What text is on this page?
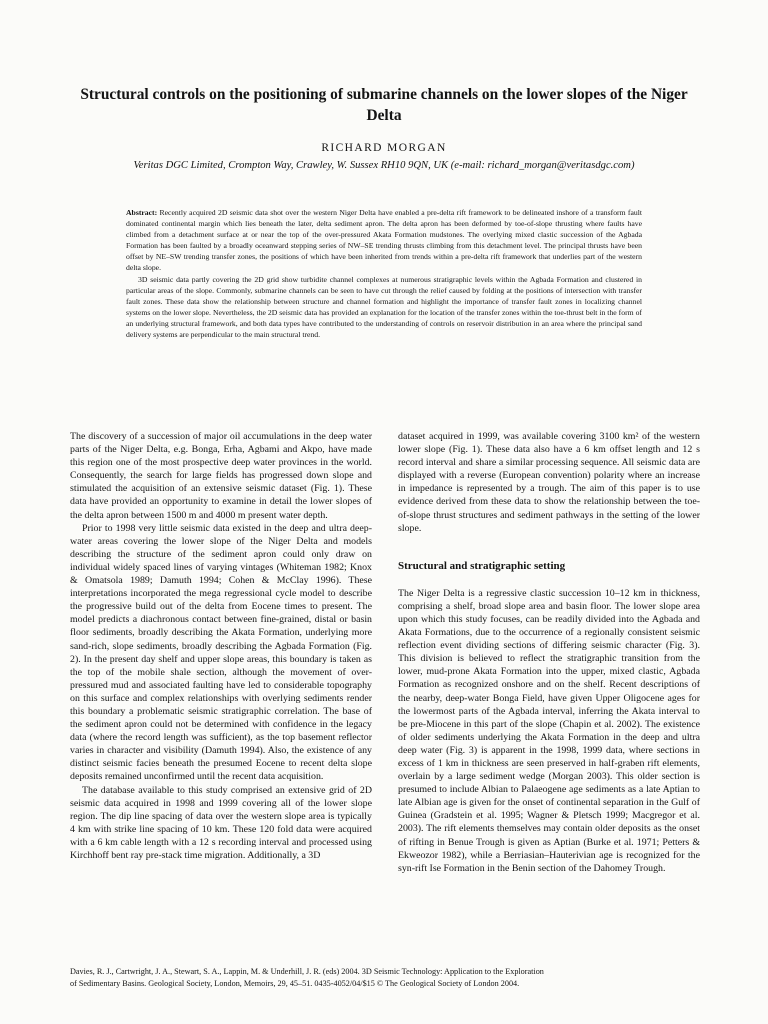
Structural controls on the positioning of submarine channels on the lower slopes of the Niger Delta
RICHARD MORGAN
Veritas DGC Limited, Crompton Way, Crawley, W. Sussex RH10 9QN, UK (e-mail: richard_morgan@veritasdgc.com)

Abstract: Recently acquired 2D seismic data shot over the western Niger Delta have enabled a pre-delta rift framework to be delineated inshore of a transform fault dominated continental margin which lies beneath the later, delta sediment apron. The delta apron has been deformed by toe-of-slope thrusting where faults have climbed from a detachment surface at or near the top of the over-pressured Akata Formation mudstones. The overlying mixed clastic succession of the Agbada Formation has been faulted by a broadly oceanward stepping series of NW–SE trending thrusts climbing from this detachment level. The principal thrusts have been offset by NE–SW trending transfer zones, the positions of which have been inherited from trends within a pre-delta rift framework that underlies part of the western delta slope.

3D seismic data partly covering the 2D grid show turbidite channel complexes at numerous stratigraphic levels within the Agbada Formation and clustered in particular areas of the slope. Commonly, submarine channels can be seen to have cut through the relief caused by folding at the positions of intersection with transfer fault zones. These data show the relationship between structure and channel formation and highlight the importance of transfer fault zones in localizing channel systems on the lower slope. Nevertheless, the 2D seismic data has provided an explanation for the location of the transfer zones within the toe-thrust belt in the form of an underlying structural framework, and both data types have contributed to the understanding of controls on reservoir distribution in an area where the principal sand delivery systems are perpendicular to the main structural trend.

The discovery of a succession of major oil accumulations in the deep water parts of the Niger Delta, e.g. Bonga, Erha, Agbami and Akpo, have made this region one of the most prospective deep water provinces in the world. Consequently, the search for large fields has progressed down slope and stimulated the acquisition of an extensive seismic dataset (Fig. 1). These data have provided an opportunity to examine in detail the lower slopes of the delta apron between 1500 m and 4000 m present water depth.

Prior to 1998 very little seismic data existed in the deep and ultra deep-water areas covering the lower slope of the Niger Delta and models describing the structure of the sediment apron could only draw on individual widely spaced lines of varying vintages (Whiteman 1982; Knox & Omatsola 1989; Damuth 1994; Cohen & McClay 1996). These interpretations incorporated the mega regressional cycle model to describe the progressive build out of the delta from Eocene times to present. The model predicts a diachronous contact between fine-grained, distal or basin floor sediments, broadly describing the Akata Formation, underlying more sand-rich, slope sediments, broadly describing the Agbada Formation (Fig. 2). In the present day shelf and upper slope areas, this boundary is taken as the top of the mobile shale section, although the movement of over-pressured mud and associated faulting have led to considerable topography on this surface and complex relationships with overlying sediments render this boundary a problematic seismic stratigraphic correlation. The base of the sediment apron could not be determined with confidence in the legacy data (where the record length was sufficient), as the top basement reflector varies in character and visibility (Damuth 1994). Also, the existence of any distinct seismic facies beneath the presumed Eocene to recent delta slope deposits remained unconfirmed until the recent data acquisition.

The database available to this study comprised an extensive grid of 2D seismic data acquired in 1998 and 1999 covering all of the lower slope region. The dip line spacing of data over the western slope area is typically 4 km with strike line spacing of 10 km. These 120 fold data were acquired with a 6 km cable length with a 12 s recording interval and processed using Kirchhoff bent ray pre-stack time migration. Additionally, a 3D

dataset acquired in 1999, was available covering 3100 km² of the western lower slope (Fig. 1). These data also have a 6 km offset length and 12 s record interval and share a similar processing sequence. All seismic data are displayed with a reverse (European convention) polarity where an increase in impedance is represented by a trough. The aim of this paper is to use evidence derived from these data to show the relationship between the toe-of-slope thrust structures and sediment pathways in the setting of the lower slope.

Structural and stratigraphic setting

The Niger Delta is a regressive clastic succession 10–12 km in thickness, comprising a shelf, broad slope area and basin floor. The lower slope area upon which this study focuses, can be readily divided into the Agbada and Akata Formations, due to the occurrence of a regionally consistent seismic reflection event dividing sections of differing seismic character (Fig. 3). This division is believed to reflect the stratigraphic transition from the lower, mud-prone Akata Formation into the upper, mixed clastic, Agbada Formation as recognized onshore and on the shelf. Recent descriptions of the nearby, deep-water Bonga Field, have given Upper Oligocene ages for the lowermost parts of the Agbada interval, inferring the Akata interval to be pre-Miocene in this part of the slope (Chapin et al. 2002). The existence of older sediments underlying the Akata Formation in the deep and ultra deep water (Fig. 3) is apparent in the 1998, 1999 data, where sections in excess of 1 km in thickness are seen preserved in half-graben rift elements, overlain by a large sediment wedge (Morgan 2003). This older section is presumed to include Albian to Palaeogene age sediments as a late Aptian to late Albian age is given for the onset of continental separation in the Gulf of Guinea (Gradstein et al. 1995; Wagner & Pletsch 1999; Macgregor et al. 2003). The rift elements themselves may contain older deposits as the onset of rifting in Benue Trough is given as Aptian (Burke et al. 1971; Petters & Ekweozor 1982), while a Berriasian–Hauterivian age is recognized for the syn-rift Ise Formation in the Benin section of the Dahomey Trough.

Davies, R. J., Cartwright, J. A., Stewart, S. A., Lappin, M. & Underhill, J. R. (eds) 2004. 3D Seismic Technology: Application to the Exploration

of Sedimentary Basins. Geological Society, London, Memoirs, 29, 45–51. 0435-4052/04/$15 © The Geological Society of London 2004.
